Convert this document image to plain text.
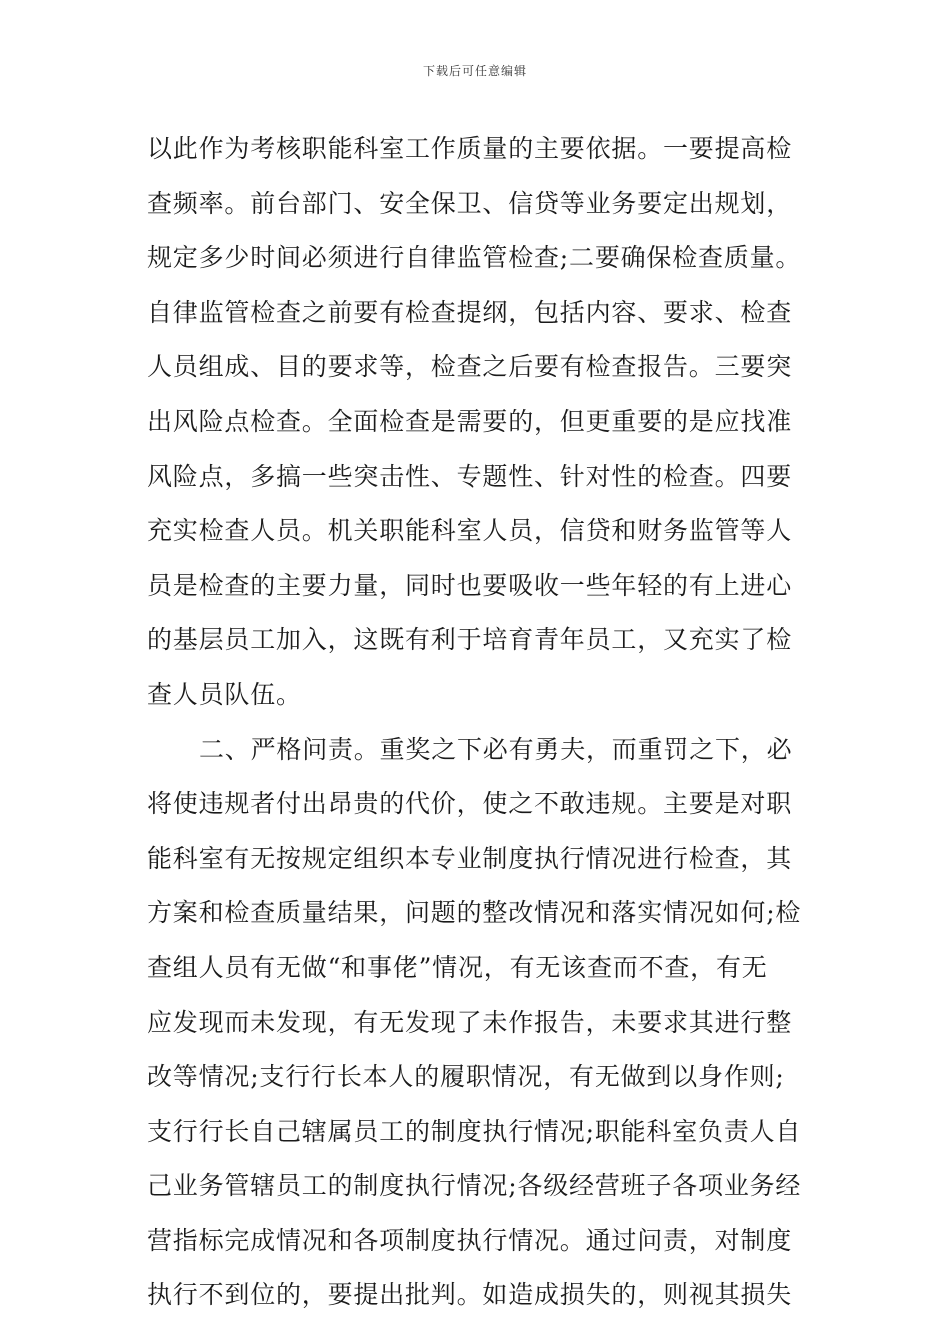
下载后可任意编辑
以此作为考核职能科室工作质量的主要依据。一要提高检
查频率。前台部门、安全保卫、信贷等业务要定出规划，
规定多少时间必须进行自律监管检查;二要确保检查质量。
自律监管检查之前要有检查提纲，包括内容、要求、检查
人员组成、目的要求等，检查之后要有检查报告。三要突
出风险点检查。全面检查是需要的，但更重要的是应找准
风险点，多搞一些突击性、专题性、针对性的检查。四要
充实检查人员。机关职能科室人员，信贷和财务监管等人
员是检查的主要力量，同时也要吸收一些年轻的有上进心
的基层员工加入，这既有利于培育青年员工，又充实了检
查人员队伍。
二、严格问责。重奖之下必有勇夫，而重罚之下，必
将使违规者付出昂贵的代价，使之不敢违规。主要是对职
能科室有无按规定组织本专业制度执行情况进行检查，其
方案和检查质量结果，问题的整改情况和落实情况如何;检
查组人员有无做“和事佬”情况，有无该查而不查，有无
应发现而未发现，有无发现了未作报告，未要求其进行整
改等情况;支行行长本人的履职情况，有无做到以身作则;
支行行长自己辖属员工的制度执行情况;职能科室负责人自
己业务管辖员工的制度执行情况;各级经营班子各项业务经
营指标完成情况和各项制度执行情况。通过问责，对制度
执行不到位的，要提出批判。如造成损失的，则视其损失
